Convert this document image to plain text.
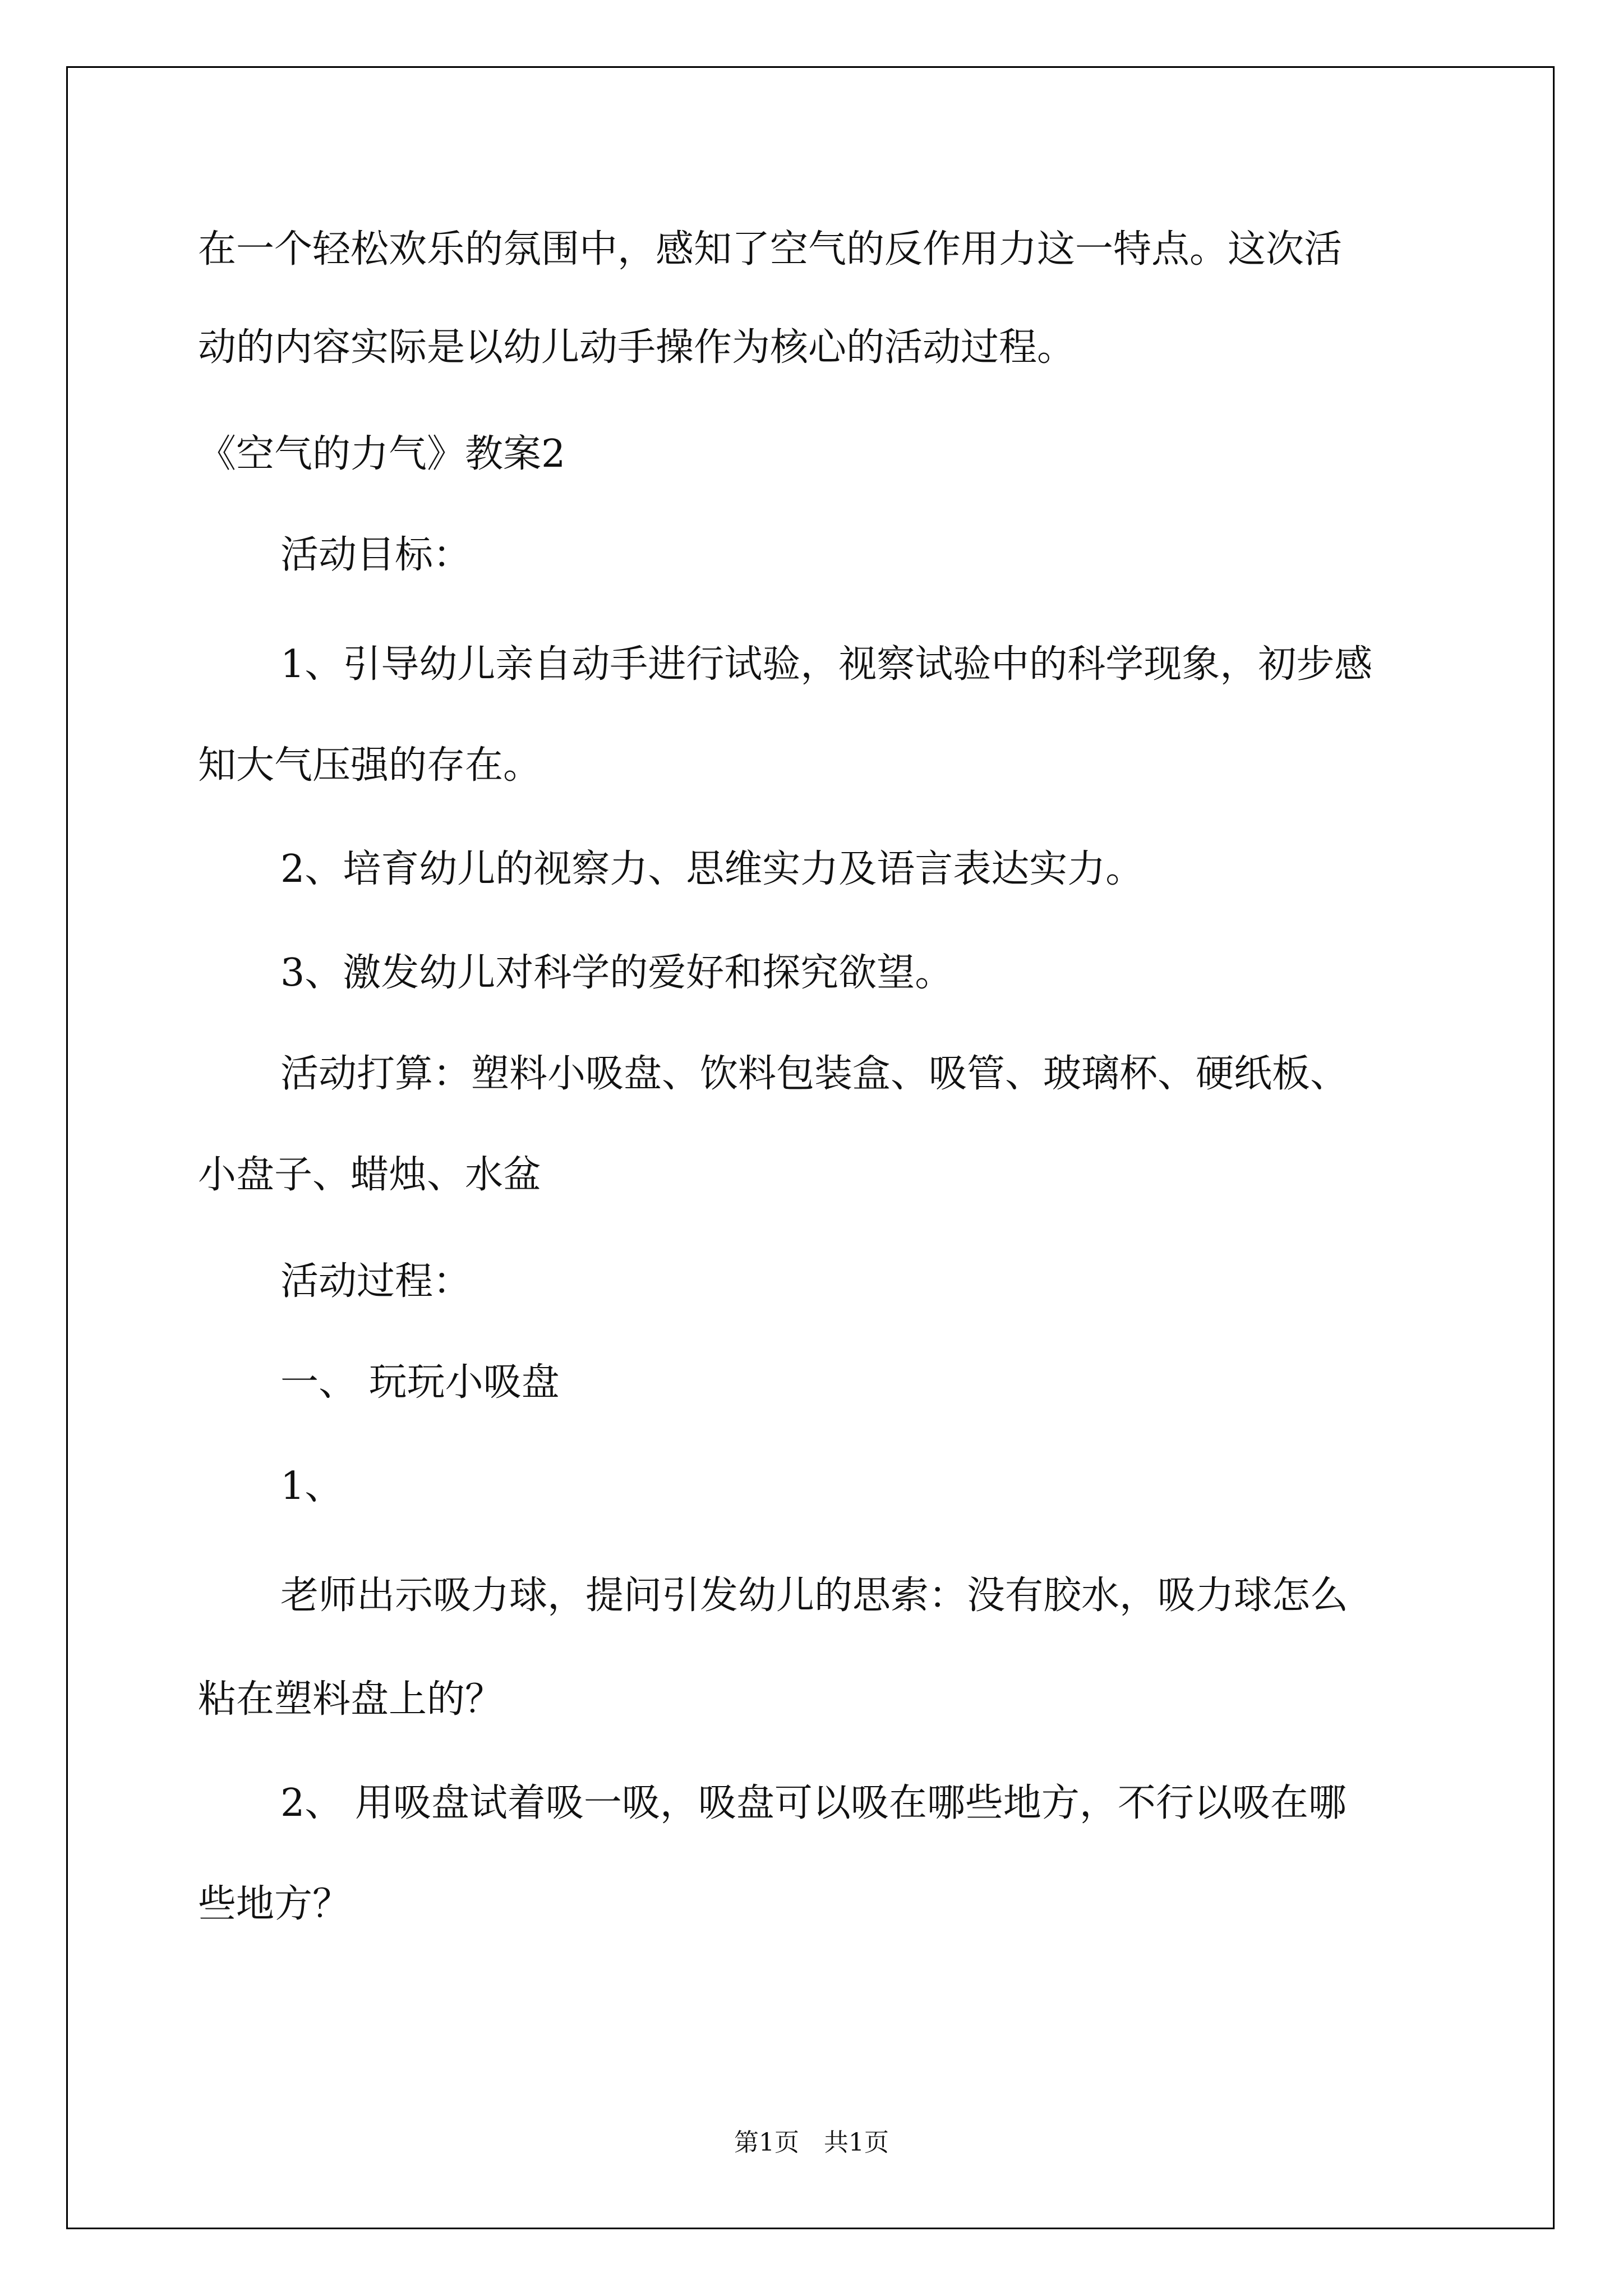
在一个轻松欢乐的氛围中，感知了空气的反作用力这一特点。这次活

动的内容实际是以幼儿动手操作为核心的活动过程。

《空气的力气》教案2

活动目标：

1、引导幼儿亲自动手进行试验，视察试验中的科学现象，初步感

知大气压强的存在。

2、培育幼儿的视察力、思维实力及语言表达实力。

3、激发幼儿对科学的爱好和探究欲望。

活动打算：塑料小吸盘、饮料包装盒、吸管、玻璃杯、硬纸板、

小盘子、蜡烛、水盆

活动过程：

一、 玩玩小吸盘

1、

老师出示吸力球，提问引发幼儿的思索：没有胶水，吸力球怎么

粘在塑料盘上的？

2、 用吸盘试着吸一吸，吸盘可以吸在哪些地方，不行以吸在哪

些地方？

第1页　共1页
